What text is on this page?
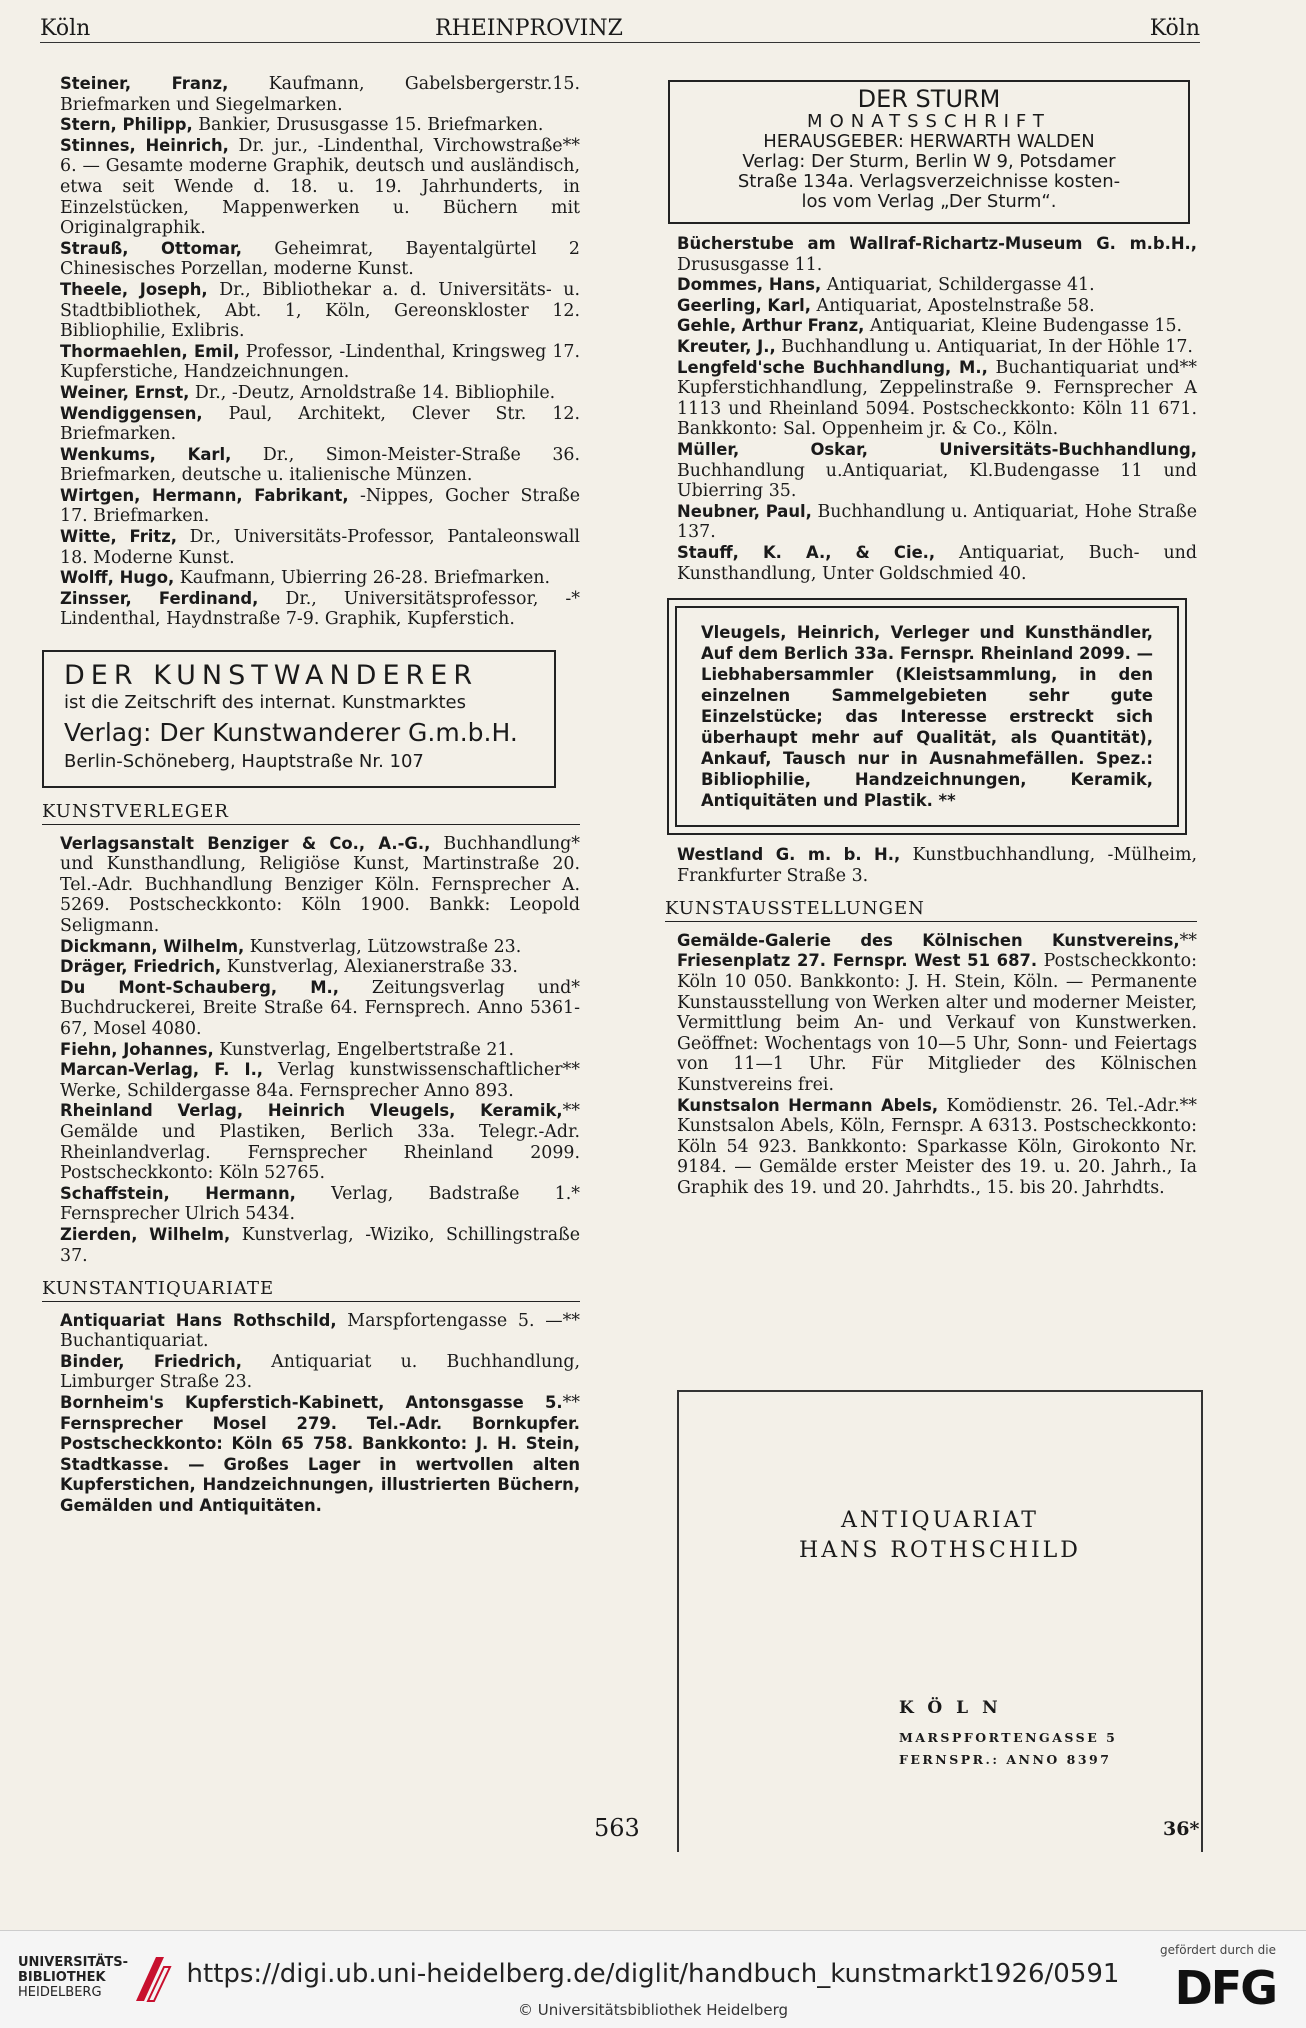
Köln	RHEINPROVINZ	Köln
Steiner, Franz, Kaufmann, Gabelsbergerstr.15. Briefmarken und Siegelmarken.
Stern, Philipp, Bankier, Drususgasse 15. Briefmarken.
**
Stinnes, Heinrich, Dr. jur., -Lindenthal, Virchowstraße 6. — Gesamte moderne Graphik, deutsch und ausländisch, etwa seit Wende d. 18. u. 19. Jahrhunderts, in Einzelstücken, Mappenwerken u. Büchern mit Originalgraphik.
Strauß, Ottomar, Geheimrat, Bayentalgürtel 2 Chinesisches Porzellan, moderne Kunst.
Theele, Joseph, Dr., Bibliothekar a. d. Universitäts- u. Stadtbibliothek, Abt. 1, Köln, Gereonskloster 12. Bibliophilie, Exlibris.
Thormaehlen, Emil, Professor, -Lindenthal, Kringsweg 17. Kupferstiche, Handzeichnungen.
Weiner, Ernst, Dr., -Deutz, Arnoldstraße 14. Bibliophile.
Wendiggensen, Paul, Architekt, Clever Str. 12. Briefmarken.
Wenkums, Karl, Dr., Simon-Meister-Straße 36. Briefmarken, deutsche u. italienische Münzen.
Wirtgen, Hermann, Fabrikant, -Nippes, Gocher Straße 17. Briefmarken.
Witte, Fritz, Dr., Universitäts-Professor, Pantaleonswall 18. Moderne Kunst.
Wolff, Hugo, Kaufmann, Ubierring 26-28. Briefmarken.
*
Zinsser, Ferdinand, Dr., Universitätsprofessor, -Lindenthal, Haydnstraße 7-9. Graphik, Kupferstich.
DER KUNSTWANDERER
ist die Zeitschrift des internat. Kunstmarktes
Verlag: Der Kunstwanderer G.m.b.H.
Berlin-Schöneberg, Hauptstraße Nr. 107
KUNSTVERLEGER
*
Verlagsanstalt Benziger & Co., A.-G., Buchhandlung und Kunsthandlung, Religiöse Kunst, Martinstraße 20. Tel.-Adr. Buchhandlung Benziger Köln. Fernsprecher A. 5269. Postscheckkonto: Köln 1900. Bankk: Leopold Seligmann.
Dickmann, Wilhelm, Kunstverlag, Lützowstraße 23.
Dräger, Friedrich, Kunstverlag, Alexianerstraße 33.
*
Du Mont-Schauberg, M., Zeitungsverlag und Buchdruckerei, Breite Straße 64. Fernsprech. Anno 5361-67, Mosel 4080.
Fiehn, Johannes, Kunstverlag, Engelbertstraße 21.
**
Marcan-Verlag, F. I., Verlag kunstwissenschaftlicher Werke, Schildergasse 84a. Fernsprecher Anno 893.
**
Rheinland Verlag, Heinrich Vleugels, Keramik, Gemälde und Plastiken, Berlich 33a. Telegr.-Adr. Rheinlandverlag. Fernsprecher Rheinland 2099. Postscheckkonto: Köln 52765.
*
Schaffstein, Hermann, Verlag, Badstraße 1. Fernsprecher Ulrich 5434.
Zierden, Wilhelm, Kunstverlag, -Wiziko, Schillingstraße 37.
KUNSTANTIQUARIATE
**
Antiquariat Hans Rothschild, Marspfortengasse 5. — Buchantiquariat.
Binder, Friedrich, Antiquariat u. Buchhandlung, Limburger Straße 23.
**
Bornheim's Kupferstich-Kabinett, Antonsgasse 5. Fernsprecher Mosel 279. Tel.-Adr. Bornkupfer. Postscheckkonto: Köln 65 758. Bankkonto: J. H. Stein, Stadtkasse. — Großes Lager in wertvollen alten Kupferstichen, Handzeichnungen, illustrierten Büchern, Gemälden und Antiquitäten.
DER STURM
MONATSSCHRIFT
HERAUSGEBER: HERWARTH WALDEN
Verlag: Der Sturm, Berlin W 9, Potsdamer
Straße 134a. Verlagsverzeichnisse kosten-
los vom Verlag „Der Sturm“.
Bücherstube am Wallraf-Richartz-Museum G. m.b.H., Drususgasse 11.
Dommes, Hans, Antiquariat, Schildergasse 41.
Geerling, Karl, Antiquariat, Apostelnstraße 58.
Gehle, Arthur Franz, Antiquariat, Kleine Budengasse 15.
Kreuter, J., Buchhandlung u. Antiquariat, In der Höhle 17.
**
Lengfeld'sche Buchhandlung, M., Buchantiquariat und Kupferstichhandlung, Zeppelinstraße 9. Fernsprecher A 1113 und Rheinland 5094. Postscheckkonto: Köln 11 671. Bankkonto: Sal. Oppenheim jr. & Co., Köln.
Müller, Oskar, Universitäts-Buchhandlung, Buchhandlung u.Antiquariat, Kl.Budengasse 11 und Ubierring 35.
Neubner, Paul, Buchhandlung u. Antiquariat, Hohe Straße 137.
Stauff, K. A., & Cie., Antiquariat, Buch- und Kunsthandlung, Unter Goldschmied 40.
Vleugels, Heinrich, Verleger und Kunsthändler, Auf dem Berlich 33a. Fernspr. Rheinland 2099. — Liebhabersammler (Kleistsammlung, in den einzelnen Sammelgebieten sehr gute Einzelstücke; das Interesse erstreckt sich überhaupt mehr auf Qualität, als Quantität), Ankauf, Tausch nur in Ausnahmefällen. Spez.: Bibliophilie, Handzeichnungen, Keramik, Antiquitäten und Plastik. **
Westland G. m. b. H., Kunstbuchhandlung, -Mülheim, Frankfurter Straße 3.
KUNSTAUSSTELLUNGEN
**
Gemälde-Galerie des Kölnischen Kunstvereins, Friesenplatz 27. Fernspr. West 51 687. Postscheckkonto: Köln 10 050. Bankkonto: J. H. Stein, Köln. — Permanente Kunstausstellung von Werken alter und moderner Meister, Vermittlung beim An- und Verkauf von Kunstwerken. Geöffnet: Wochentags von 10—5 Uhr, Sonn- und Feiertags von 11—1 Uhr. Für Mitglieder des Kölnischen Kunstvereins frei.
**
Kunstsalon Hermann Abels, Komödienstr. 26. Tel.-Adr. Kunstsalon Abels, Köln, Fernspr. A 6313. Postscheckkonto: Köln 54 923. Bankkonto: Sparkasse Köln, Girokonto Nr. 9184. — Gemälde erster Meister des 19. u. 20. Jahrh., Ia Graphik des 19. und 20. Jahrhdts., 15. bis 20. Jahrhdts.
ANTIQUARIAT
HANS ROTHSCHILD
KÖLN
MARSPFORTENGASSE 5
FERNSPR.: ANNO 8397
563	36*
UNIVERSITÄTS-
BIBLIOTHEK
HEIDELBERG
https://digi.ub.uni-heidelberg.de/diglit/handbuch_kunstmarkt1926/0591
© Universitätsbibliothek Heidelberg
gefördert durch die
DFG
